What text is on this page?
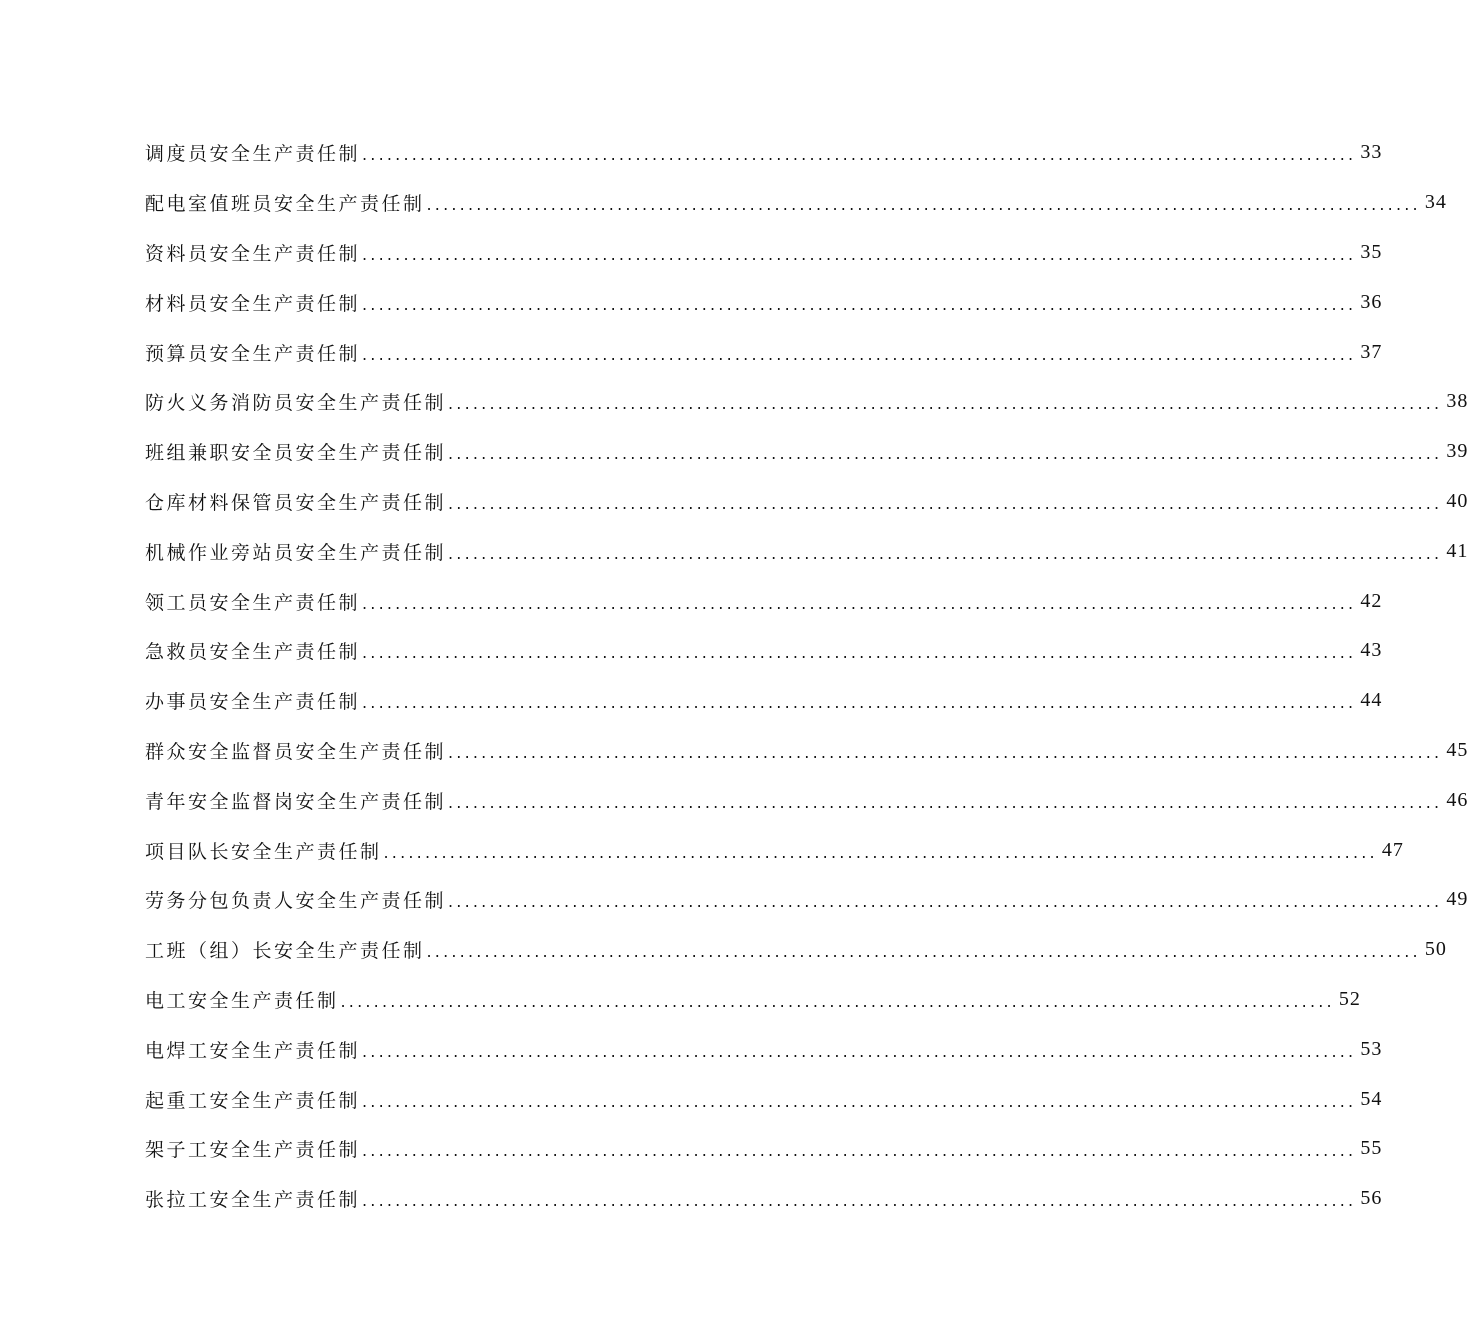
调度员安全生产责任制 ........................................................................................................................ 33
配电室值班员安全生产责任制 ........................................................................................................................ 34
资料员安全生产责任制 ........................................................................................................................ 35
材料员安全生产责任制 ........................................................................................................................ 36
预算员安全生产责任制 ........................................................................................................................ 37
防火义务消防员安全生产责任制 ........................................................................................................................ 38
班组兼职安全员安全生产责任制 ........................................................................................................................ 39
仓库材料保管员安全生产责任制 ........................................................................................................................ 40
机械作业旁站员安全生产责任制 ........................................................................................................................ 41
领工员安全生产责任制 ........................................................................................................................ 42
急救员安全生产责任制 ........................................................................................................................ 43
办事员安全生产责任制 ........................................................................................................................ 44
群众安全监督员安全生产责任制 ........................................................................................................................ 45
青年安全监督岗安全生产责任制 ........................................................................................................................ 46
项目队长安全生产责任制 ........................................................................................................................ 47
劳务分包负责人安全生产责任制 ........................................................................................................................ 49
工班（组）长安全生产责任制 ........................................................................................................................ 50
电工安全生产责任制 ........................................................................................................................ 52
电焊工安全生产责任制 ........................................................................................................................ 53
起重工安全生产责任制 ........................................................................................................................ 54
架子工安全生产责任制 ........................................................................................................................ 55
张拉工安全生产责任制 ........................................................................................................................ 56
